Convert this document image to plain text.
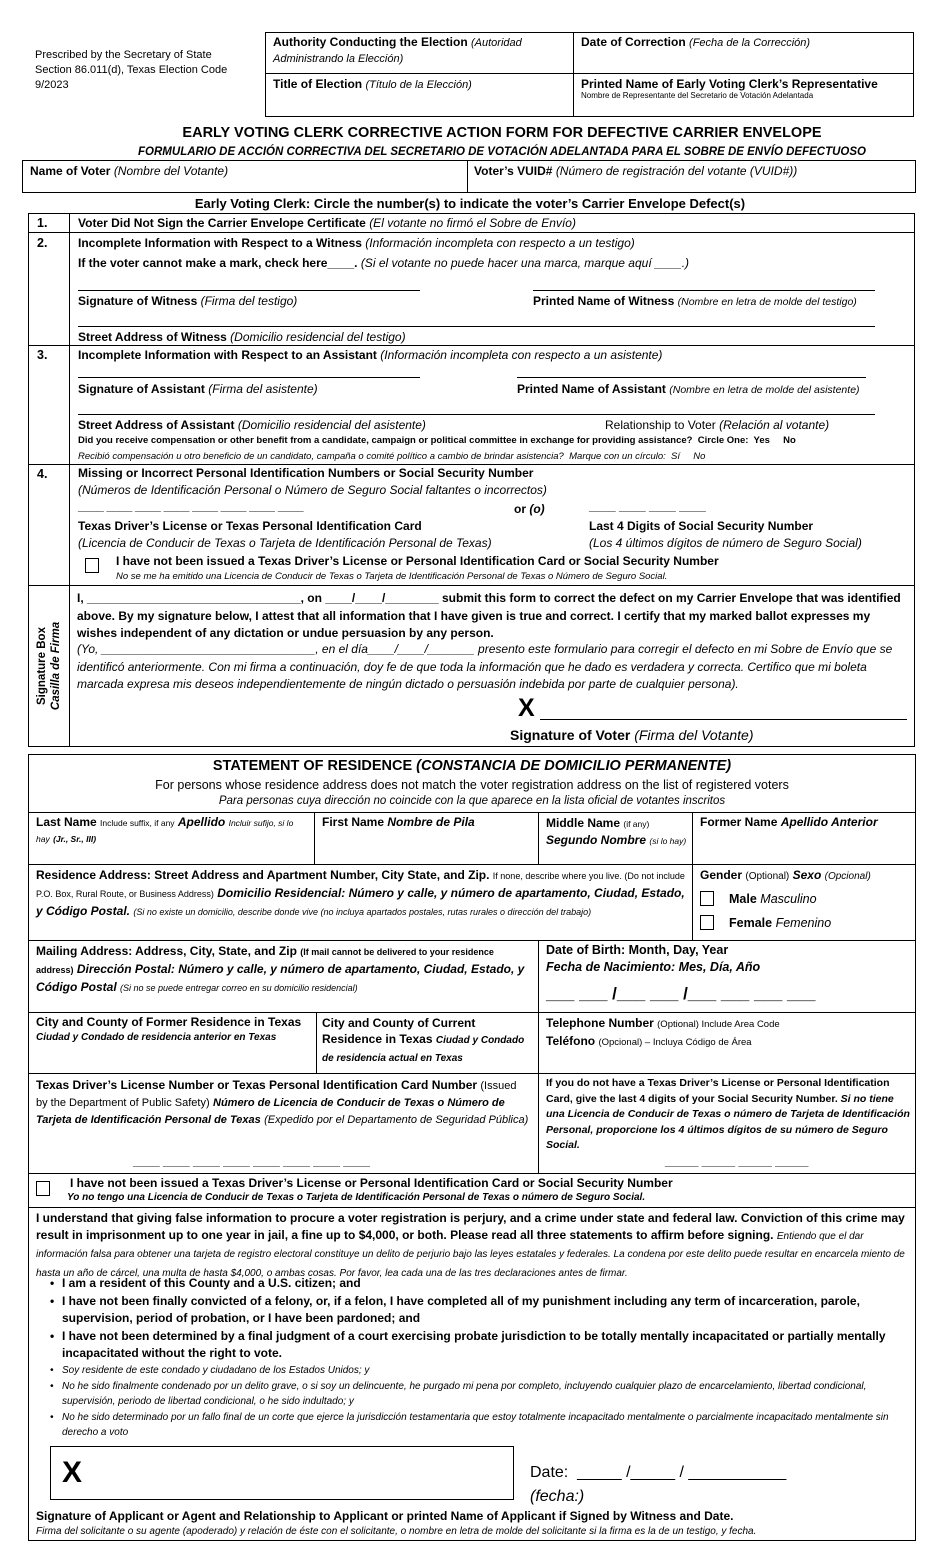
Prescribed by the Secretary of State
Section 86.011(d), Texas Election Code
9/2023
Authority Conducting the Election (Autoridad Administrando la Elección)
Date of Correction (Fecha de la Corrección)
Title of Election (Título de la Elección)	Printed Name of Early Voting Clerk’s Representative
Nombre de Representante del Secretario de Votación Adelantada
EARLY VOTING CLERK CORRECTIVE ACTION FORM FOR DEFECTIVE CARRIER ENVELOPE
FORMULARIO DE ACCIÓN CORRECTIVA DEL SECRETARIO DE VOTACIÓN ADELANTADA PARA EL SOBRE DE ENVÍO DEFECTUOSO
Name of Voter (Nombre del Votante)	Voter’s VUID# (Número de registración del votante (VUID#))
Early Voting Clerk: Circle the number(s) to indicate the voter’s Carrier Envelope Defect(s)
1.	Voter Did Not Sign the Carrier Envelope Certificate (El votante no firmó el Sobre de Envío)
2.	Incomplete Information with Respect to a Witness (Información incompleta con respecto a un testigo)
If the voter cannot make a mark, check here____. (Si el votante no puede hacer una marca, marque aquí ____.)
Signature of Witness (Firma del testigo)	Printed Name of Witness (Nombre en letra de molde del testigo)
Street Address of Witness (Domicilio residencial del testigo)
3.	Incomplete Information with Respect to an Assistant (Información incompleta con respecto a un asistente)
Signature of Assistant (Firma del asistente)	Printed Name of Assistant (Nombre en letra de molde del asistente)
Street Address of Assistant (Domicilio residencial del asistente)	Relationship to Voter (Relación al votante)
Did you receive compensation or other benefit from a candidate, campaign or political committee in exchange for providing assistance?  Circle One:  Yes     No
Recibió compensación u otro beneficio de un candidato, campaña o comité político a cambio de brindar asistencia?  Marque con un círculo:  Sí     No
4.	Missing or Incorrect Personal Identification Numbers or Social Security Number
(Números de Identificación Personal o Número de Seguro Social faltantes o incorrectos)
____ ____ ____ ____ ____ ____ ____ ____	or (o)	____ ____ ____ ____
Texas Driver’s License or Texas Personal Identification Card
(Licencia de Conducir de Texas o Tarjeta de Identificación Personal de Texas)
Last 4 Digits of Social Security Number
(Los 4 últimos dígitos de número de Seguro Social)
I have not been issued a Texas Driver’s License or Personal Identification Card or Social Security Number
No se me ha emitido una Licencia de Conducir de Texas o Tarjeta de Identificación Personal de Texas o Número de Seguro Social.
Signature Box Casilla de Firma
I, ________________________________, on ____/____/________ submit this form to correct the defect on my Carrier Envelope that was identified above. By my signature below, I attest that all information that I have given is true and correct. I certify that my marked ballot expresses my wishes independent of any dictation or undue persuasion by any person.
(Yo, ________________________________, en el día____/____/_______ presento este formulario para corregir el defecto en mi Sobre de Envío que se identificó anteriormente. Con mi firma a continuación, doy fe de que toda la información que he dado es verdadera y correcta. Certifico que mi boleta marcada expresa mis deseos independientemente de ningún dictado o persuasión indebida por parte de cualquier persona).
X
Signature of Voter (Firma del Votante)
STATEMENT OF RESIDENCE (CONSTANCIA DE DOMICILIO PERMANENTE)
For persons whose residence address does not match the voter registration address on the list of registered voters
Para personas cuya dirección no coincide con la que aparece en la lista oficial de votantes inscritos
Last Name Include suffix, if any Apellido Incluir sufijo, si lo hay (Jr., Sr., III)
First Name Nombre de Pila	Middle Name (if any) Segundo Nombre (si lo hay)
Former Name Apellido Anterior
Residence Address: Street Address and Apartment Number, City State, and Zip. If none, describe where you live. (Do not include P.O. Box, Rural Route, or Business Address) Domicilio Residencial: Número y calle, y número de apartamento, Ciudad, Estado, y Código Postal. (Si no existe un domicilio, describe donde vive (no incluya apartados postales, rutas rurales o dirección del trabajo)
Gender (Optional) Sexo (Opcional)
Male Masculino
Female Femenino
Mailing Address: Address, City, State, and Zip (If mail cannot be delivered to your residence address) Dirección Postal: Número y calle, y número de apartamento, Ciudad, Estado, y Código Postal (Si no se puede entregar correo en su domicilio residencial)
Date of Birth: Month, Day, Year
Fecha de Nacimiento: Mes, Día, Año
___ ___ /___ ___ /___ ___ ___ ___
City and County of Former Residence in Texas
Ciudad y Condado de residencia anterior en Texas
City and County of Current Residence in Texas Ciudad y Condado de residencia actual en Texas
Telephone Number (Optional) Include Area Code
Teléfono (Opcional) – Incluya Código de Área
Texas Driver’s License Number or Texas Personal Identification Card Number (Issued by the Department of Public Safety) Número de Licencia de Conducir de Texas o Número de Tarjeta de Identificación Personal de Texas (Expedido por el Departamento de Seguridad Pública)
____ ____ ____ ____ ____ ____ ____ ____
If you do not have a Texas Driver’s License or Personal Identification Card, give the last 4 digits of your Social Security Number. Si no tiene una Licencia de Conducir de Texas o número de Tarjeta de Identificación Personal, proporcione los 4 últimos dígitos de su número de Seguro Social.
_____ _____ _____ _____
I have not been issued a Texas Driver’s License or Personal Identification Card or Social Security Number
Yo no tengo una Licencia de Conducir de Texas o Tarjeta de Identificación Personal de Texas o número de Seguro Social.
I understand that giving false information to procure a voter registration is perjury, and a crime under state and federal law. Conviction of this crime may result in imprisonment up to one year in jail, a fine up to $4,000, or both. Please read all three statements to affirm before signing. Entiendo que el dar información falsa para obtener una tarjeta de registro electoral constituye un delito de perjurio bajo las leyes estatales y federales. La condena por este delito puede resultar en encarcela miento de hasta un año de cárcel, una multa de hasta $4,000, o ambas cosas. Por favor, lea cada una de las tres declaraciones antes de firmar.
• I am a resident of this County and a U.S. citizen; and
• I have not been finally convicted of a felony, or, if a felon, I have completed all of my punishment including any term of incarceration, parole, supervision, period of probation, or I have been pardoned; and
• I have not been determined by a final judgment of a court exercising probate jurisdiction to be totally mentally incapacitated or partially mentally incapacitated without the right to vote.
• Soy residente de este condado y ciudadano de los Estados Unidos; y
• No he sido finalmente condenado por un delito grave, o si soy un delincuente, he purgado mi pena por completo, incluyendo cualquier plazo de encarcelamiento, libertad condicional, supervisión, periodo de libertad condicional, o he sido indultado; y
• No he sido determinado por un fallo final de un corte que ejerce la jurisdicción testamentaria que estoy totalmente incapacitado mentalmente o parcialmente incapacitado mentalmente sin derecho a voto
X	Date:  _____ /_____ / ___________
(fecha:)
Signature of Applicant or Agent and Relationship to Applicant or printed Name of Applicant if Signed by Witness and Date.
Firma del solicitante o su agente (apoderado) y relación de éste con el solicitante, o nombre en letra de molde del solicitante si la firma es la de un testigo, y fecha.
